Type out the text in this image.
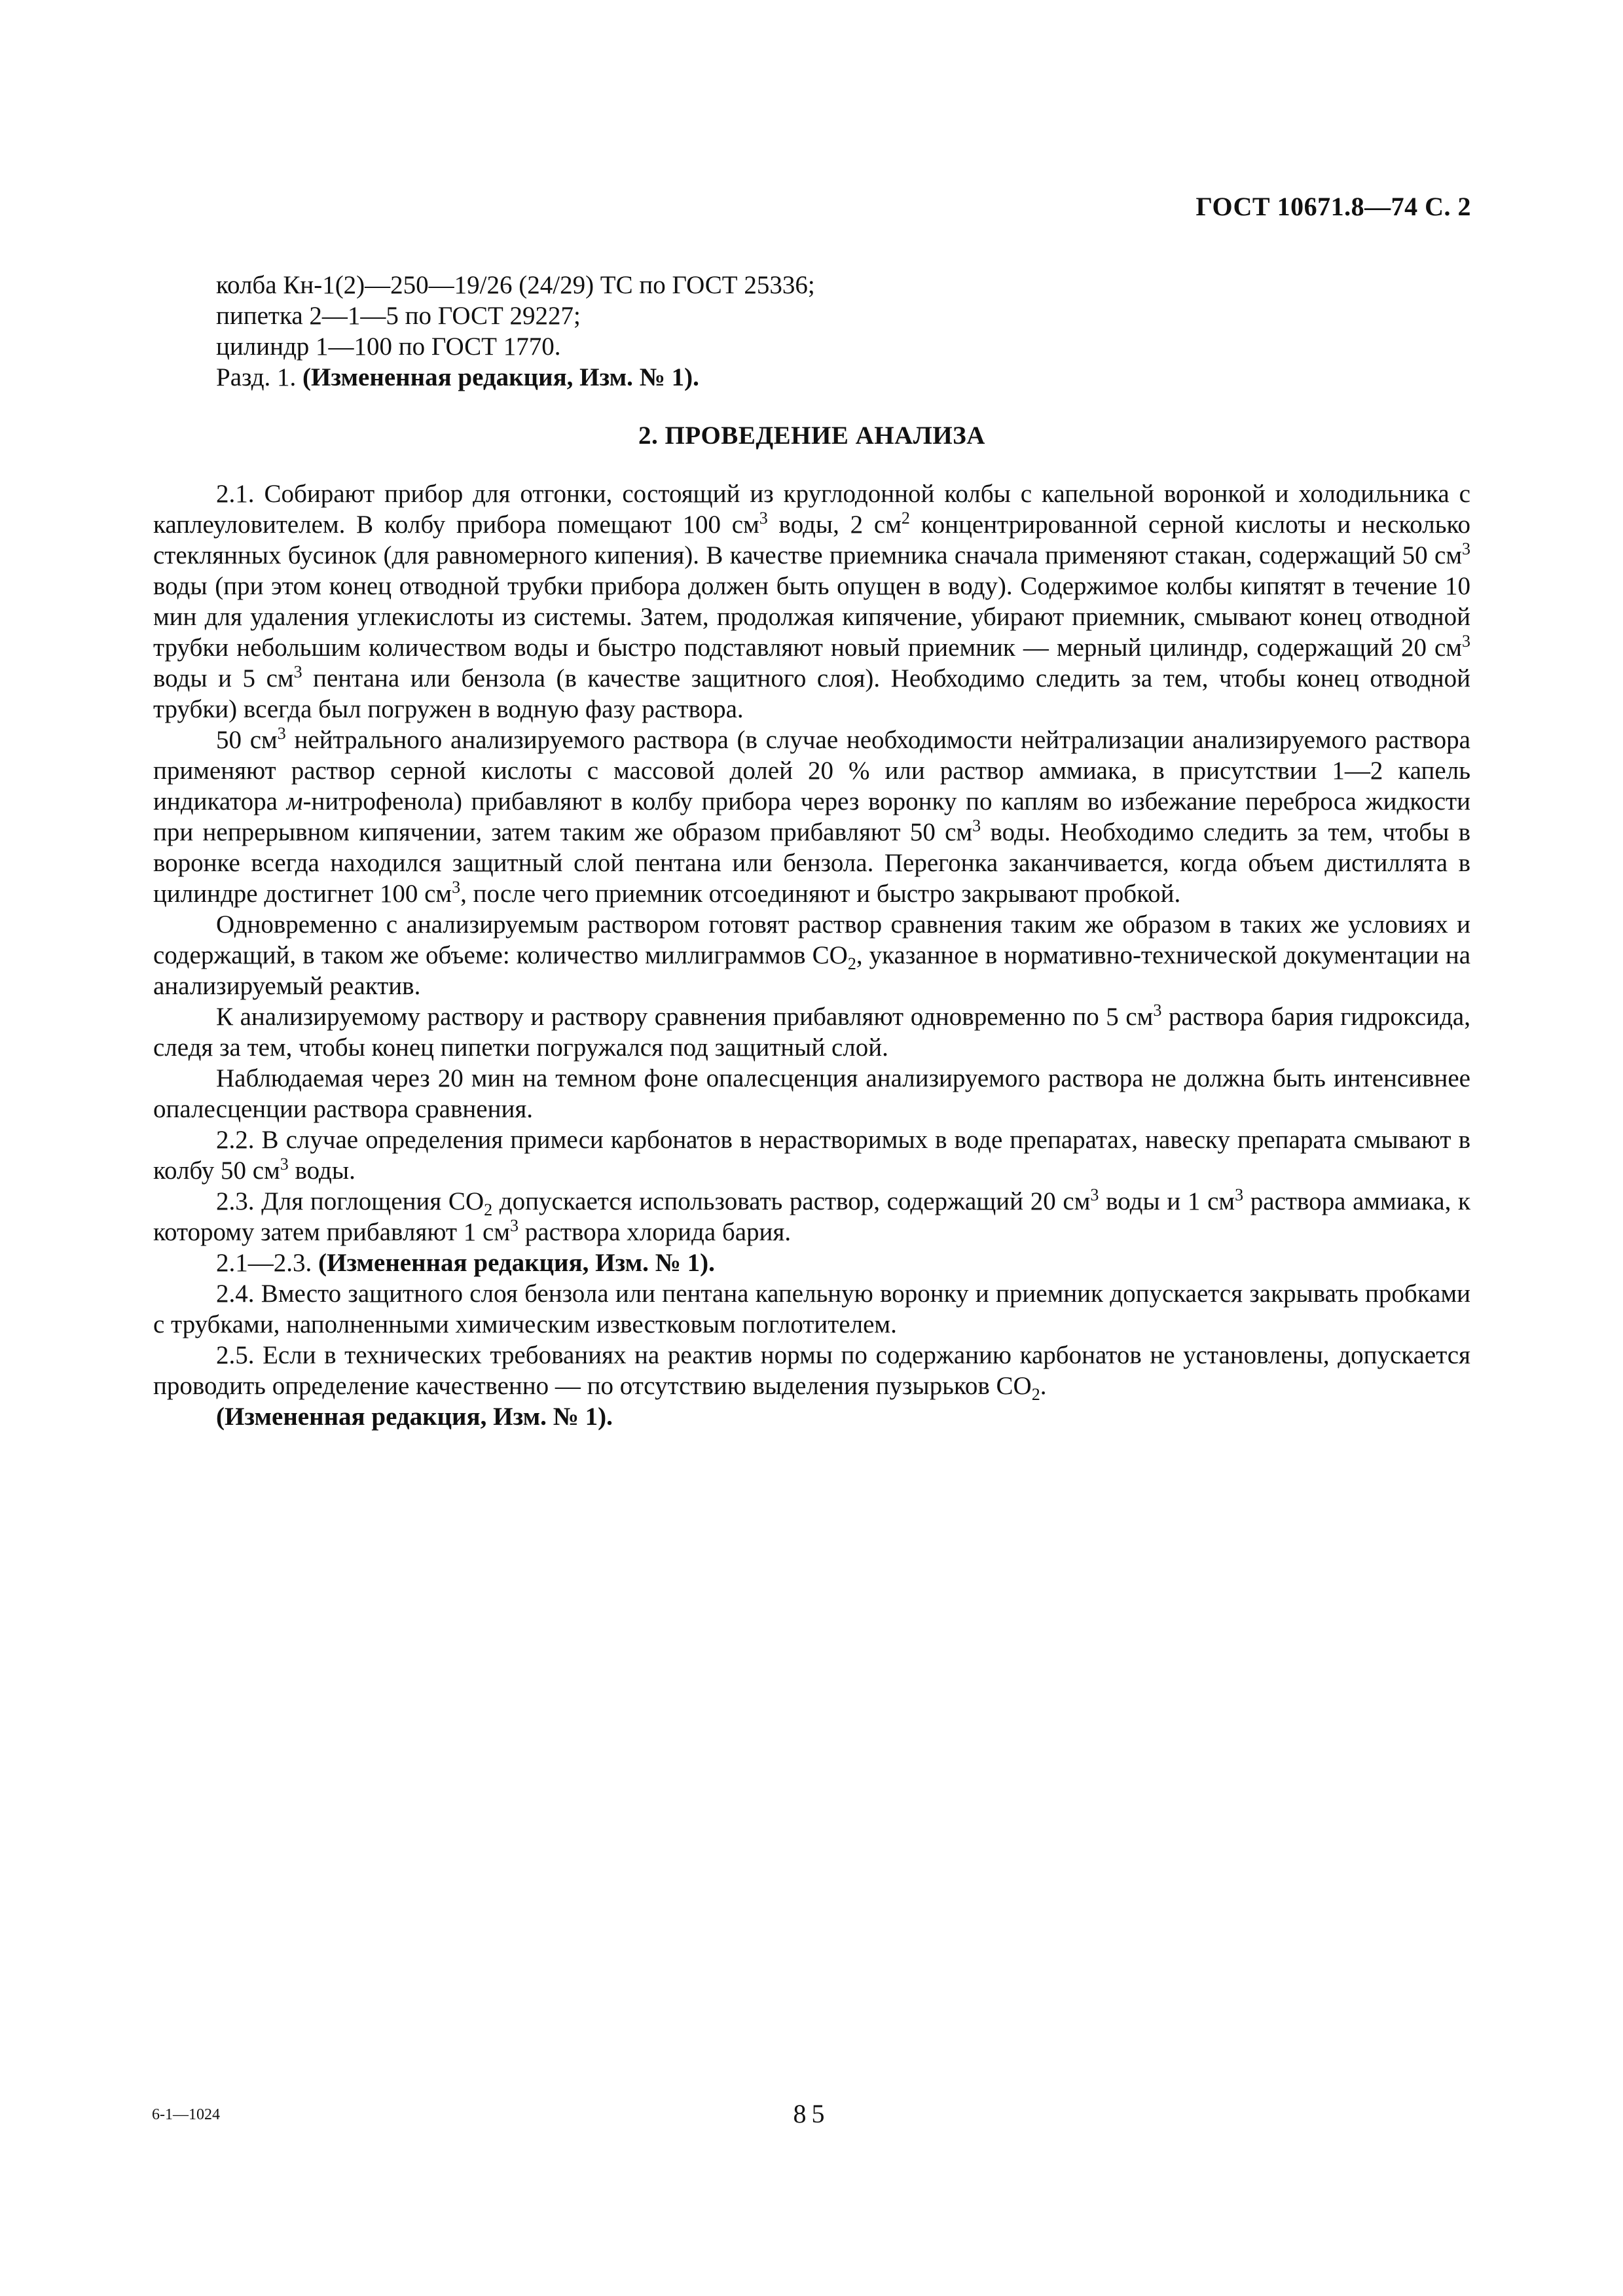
ГОСТ 10671.8—74 С. 2
колба Кн-1(2)—250—19/26 (24/29) ТС по ГОСТ 25336;
пипетка 2—1—5 по ГОСТ 29227;
цилиндр 1—100 по ГОСТ 1770.
Разд. 1. (Измененная редакция, Изм. № 1).
2. ПРОВЕДЕНИЕ АНАЛИЗА

2.1. Собирают прибор для отгонки, состоящий из круглодонной колбы с капельной воронкой и холодильника с каплеуловителем. В колбу прибора помещают 100 $см^3$ воды, 2 $см^2$ концентрированной серной кислоты и несколько стеклянных бусинок (для равномерного кипения). В качестве приемника сначала применяют стакан, содержащий 50 $см^3$ воды (при этом конец отводной трубки прибора должен быть опущен в воду). Содержимое колбы кипятят в течение 10 мин для удаления углекислоты из системы. Затем, продолжая кипячение, убирают приемник, смывают конец отводной трубки небольшим количеством воды и быстро подставляют новый приемник — мерный цилиндр, содержащий 20 $см^3$ воды и 5 $см^3$ пентана или бензола (в качестве защитного слоя). Необходимо следить за тем, чтобы конец отводной трубки) всегда был погружен в водную фазу раствора.

50 $см^3$ нейтрального анализируемого раствора (в случае необходимости нейтрализации анализируемого раствора применяют раствор серной кислоты с массовой долей 20 % или раствор аммиака, в присутствии 1—2 капель индикатора м-нитрофенола) прибавляют в колбу прибора через воронку по каплям во избежание переброса жидкости при непрерывном кипячении, затем таким же образом прибавляют 50 $см^3$ воды. Необходимо следить за тем, чтобы в воронке всегда находился защитный слой пентана или бензола. Перегонка заканчивается, когда объем дистиллята в цилиндре достигнет 100 $см^3$, после чего приемник отсоединяют и быстро закрывают пробкой.

Одновременно с анализируемым раствором готовят раствор сравнения таким же образом в таких же условиях и содержащий, в таком же объеме: количество миллиграммов $CO_2$, указанное в нормативно-технической документации на анализируемый реактив.

К анализируемому раствору и раствору сравнения прибавляют одновременно по 5 $см^3$ раствора бария гидроксида, следя за тем, чтобы конец пипетки погружался под защитный слой.

Наблюдаемая через 20 мин на темном фоне опалесценция анализируемого раствора не должна быть интенсивнее опалесценции раствора сравнения.

2.2. В случае определения примеси карбонатов в нерастворимых в воде препаратах, навеску препарата смывают в колбу 50 $см^3$ воды.

2.3. Для поглощения $CO_2$ допускается использовать раствор, содержащий 20 $см^3$ воды и 1 $см^3$ раствора аммиака, к которому затем прибавляют 1 $см^3$ раствора хлорида бария.

2.1—2.3. (Измененная редакция, Изм. № 1).

2.4. Вместо защитного слоя бензола или пентана капельную воронку и приемник допускается закрывать пробками с трубками, наполненными химическим известковым поглотителем.

2.5. Если в технических требованиях на реактив нормы по содержанию карбонатов не установлены, допускается проводить определение качественно — по отсутствию выделения пузырьков $CO_2$.

(Измененная редакция, Изм. № 1).

6-1—1024	85
